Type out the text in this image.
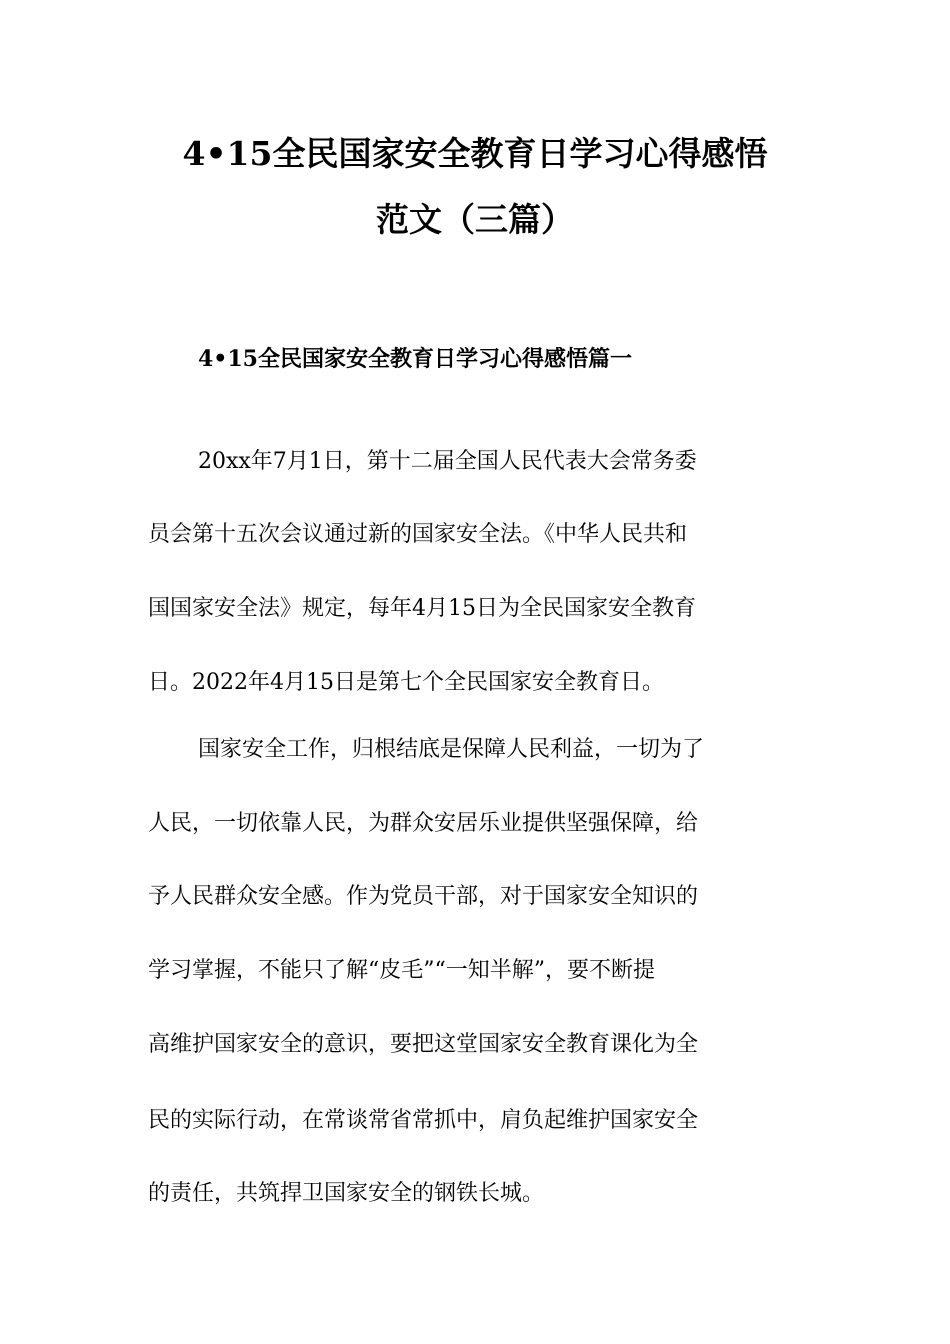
4•15全民国家安全教育日学习心得感悟
范文（三篇）
4•15全民国家安全教育日学习心得感悟篇一
20xx年7月1日，第十二届全国人民代表大会常务委
员会第十五次会议通过新的国家安全法。《中华人民共和
国国家安全法》规定，每年4月15日为全民国家安全教育
日。2022年4月15日是第七个全民国家安全教育日。
国家安全工作，归根结底是保障人民利益，一切为了
人民，一切依靠人民，为群众安居乐业提供坚强保障，给
予人民群众安全感。作为党员干部，对于国家安全知识的
学习掌握，不能只了解“皮毛”“一知半解”，要不断提
高维护国家安全的意识，要把这堂国家安全教育课化为全
民的实际行动，在常谈常省常抓中，肩负起维护国家安全
的责任，共筑捍卫国家安全的钢铁长城。
